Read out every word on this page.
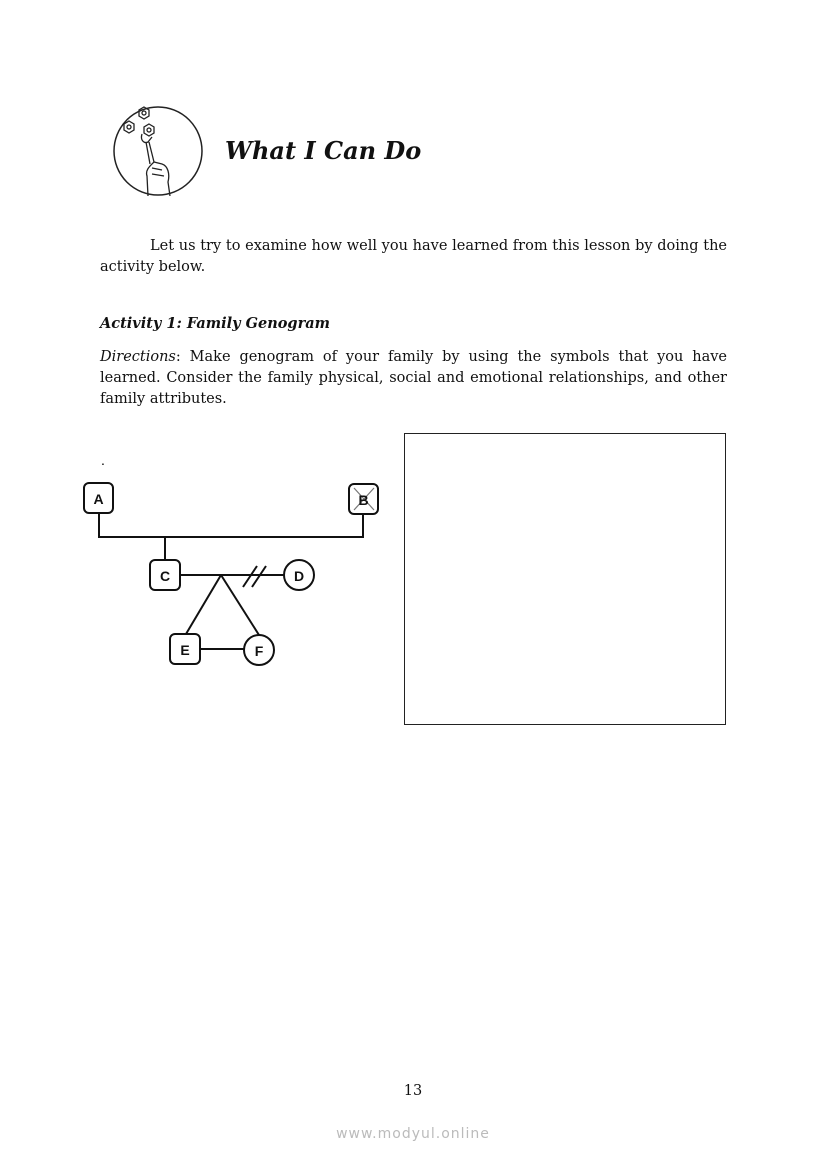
What I Can Do
Let us try to examine how well you have learned from this lesson by doing the activity below.
Activity 1: Family Genogram
Directions: Make genogram of your family by using the symbols that you have learned. Consider the family physical, social and emotional relationships, and other family attributes.
.
A	B
C	D
E	F
13
www.modyul.online
